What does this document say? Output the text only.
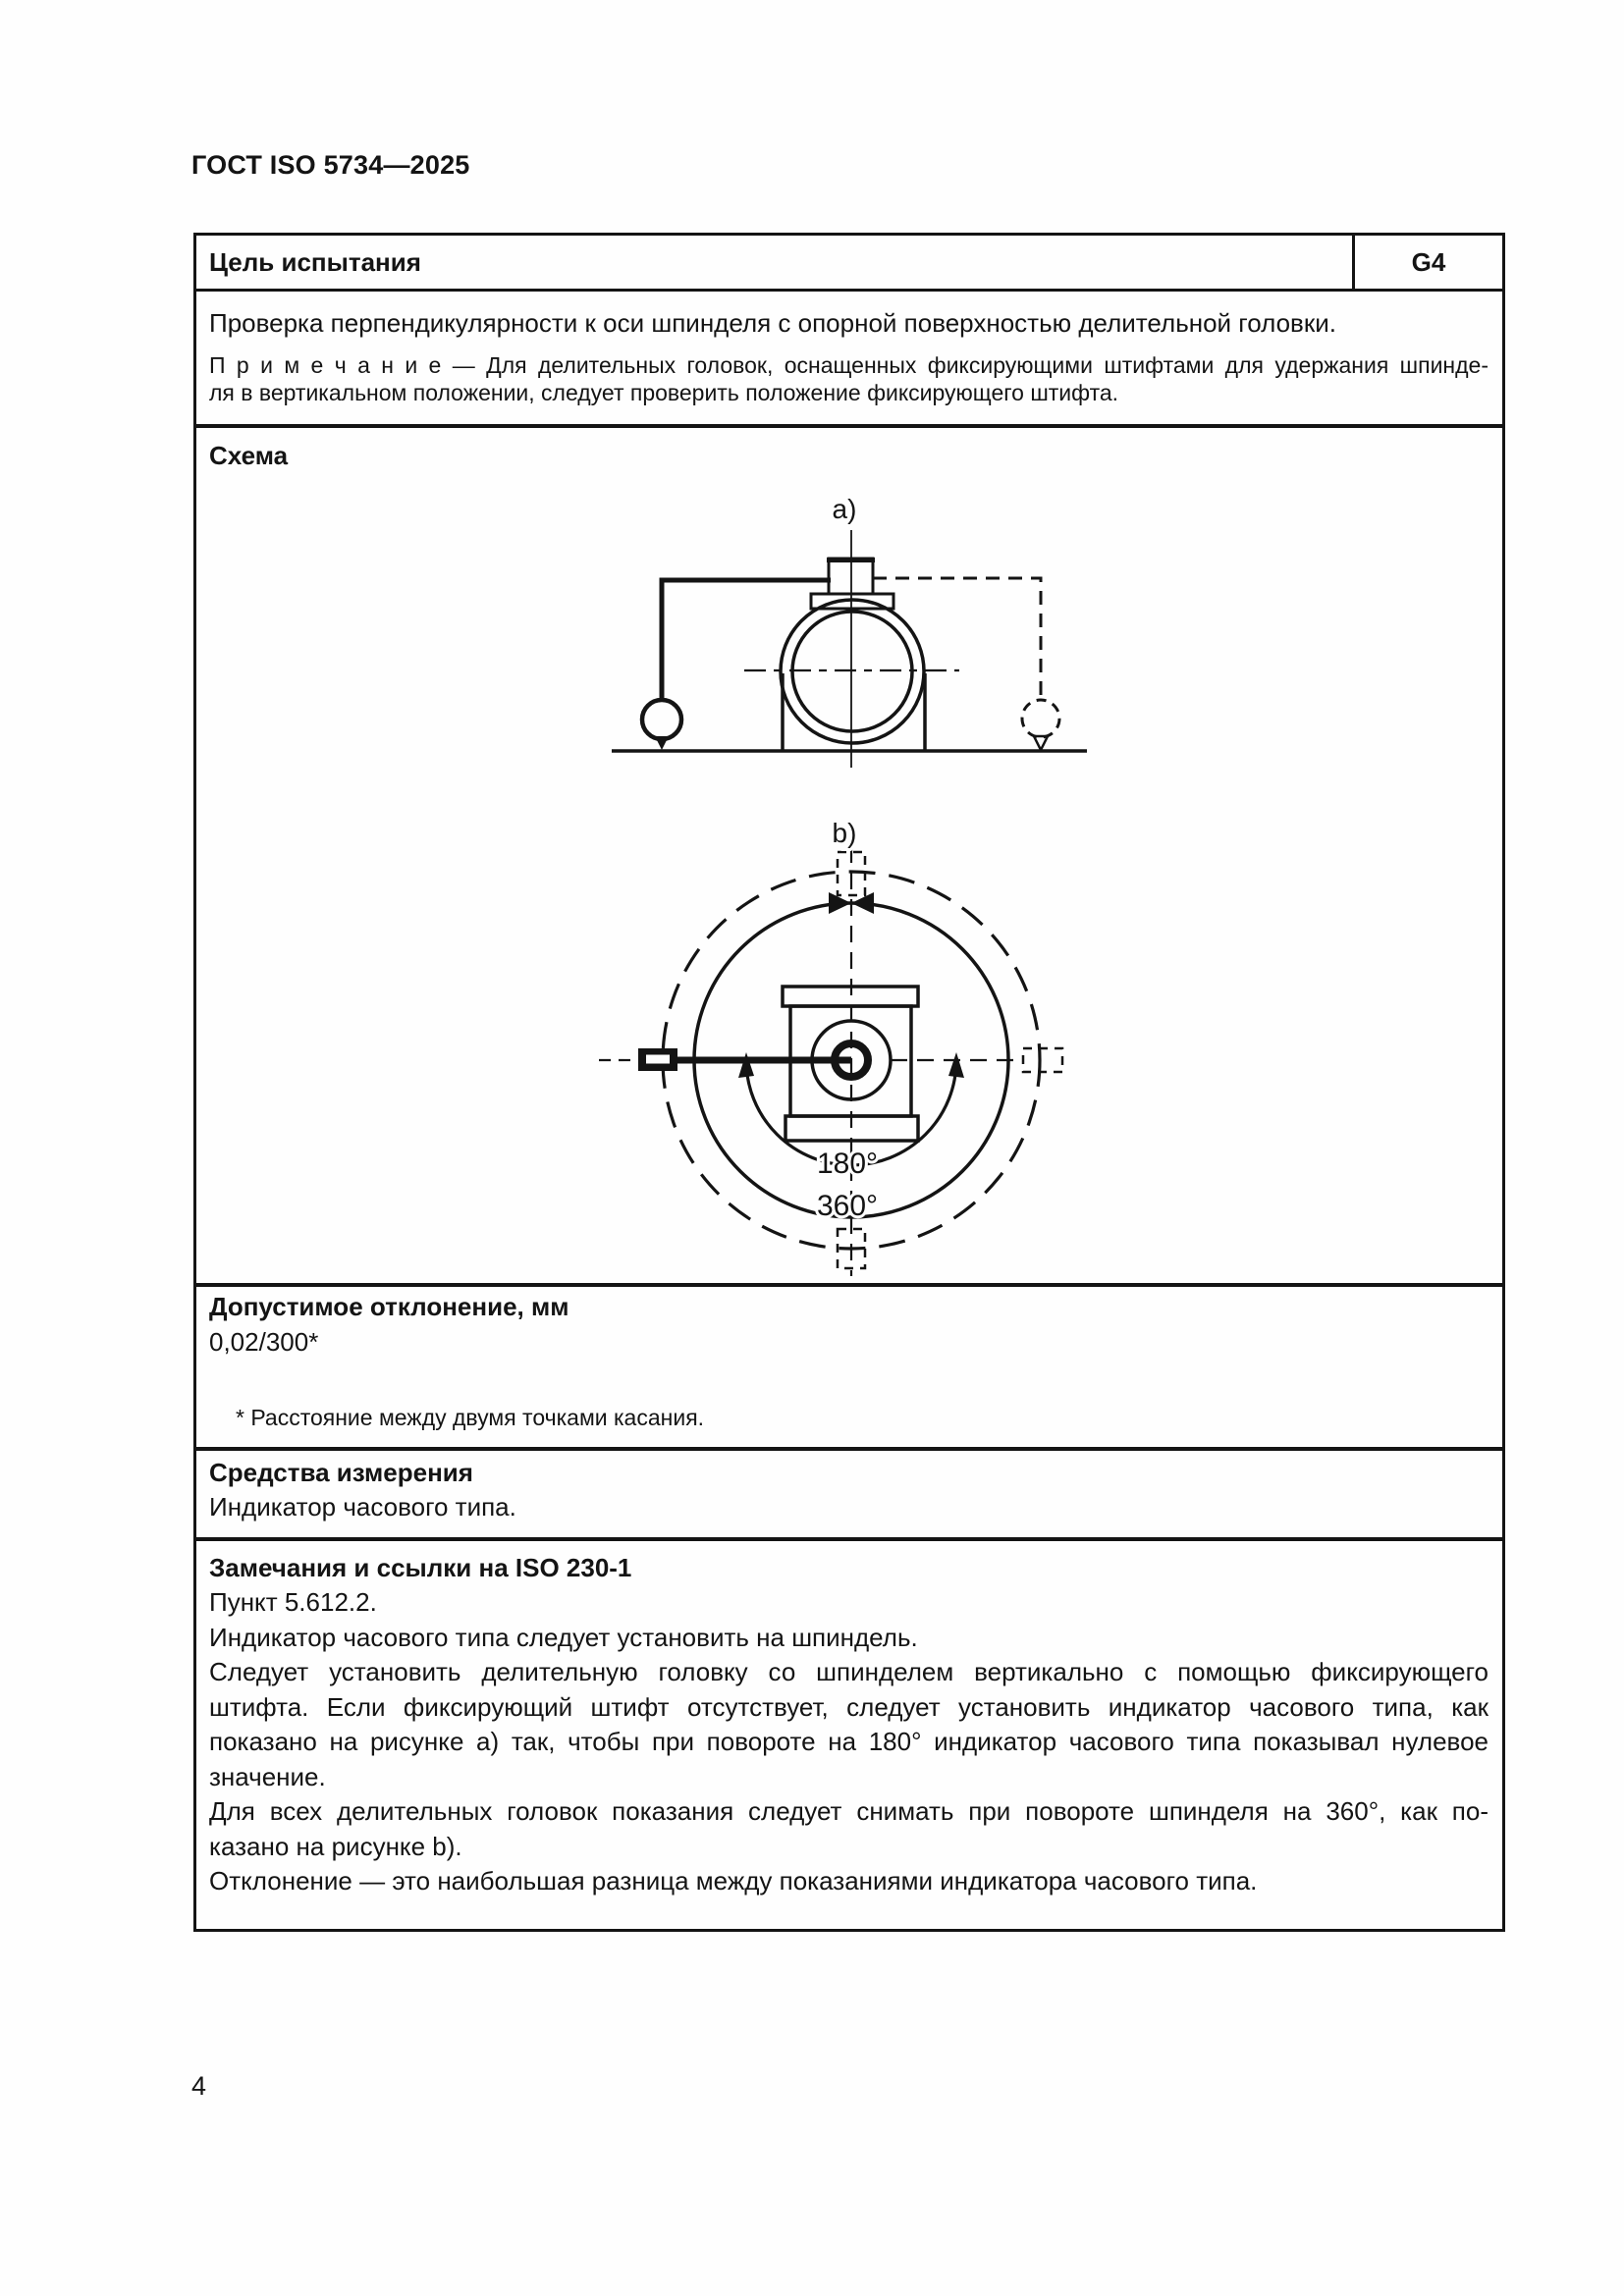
ГОСТ ISO 5734—2025
Цель испытания	G4
Проверка перпендикулярности к оси шпинделя с опорной поверхностью делительной головки.
П р и м е ч а н и е — Для делительных головок, оснащенных фиксирующими штифтами для удержания шпинде-
ля в вертикальном положении, следует проверить положение фиксирующего штифта.
Схема
Допустимое отклонение, мм
0,02/300*
* Расстояние между двумя точками касания.
Средства измерения
Индикатор часового типа.
Замечания и ссылки на ISO 230-1
Пункт 5.612.2.
Индикатор часового типа следует установить на шпиндель.
Следует установить делительную головку со шпинделем вертикально с помощью фиксирующего
штифта. Если фиксирующий штифт отсутствует, следует установить индикатор часового типа, как
показано на рисунке a) так, чтобы при повороте на 180° индикатор часового типа показывал нулевое
значение.
Для всех делительных головок показания следует снимать при повороте шпинделя на 360°, как по-
казано на рисунке b).
Отклонение — это наибольшая разница между показаниями индикатора часового типа.
a)
180°
360°
b)
4
